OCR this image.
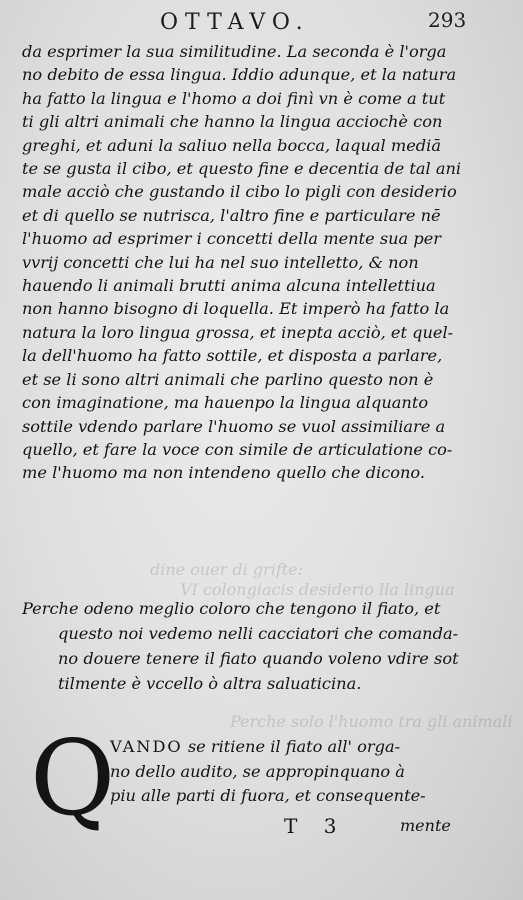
dine ouer di grifte:
VI colongiacis desiderio lla lingua
Perche solo l'huomo tra gli animali
OTTAVO.	293
da esprimer la sua similitudine. La seconda è l'orga
no debito de essa lingua. Iddio adunque, et la natura
ha fatto la lingua e l'homo a doi finì vn è come a tut
ti gli altri animali che hanno la lingua acciochè con
greghi, et aduni la saliuo nella bocca, laqual mediā
te se gusta il cibo, et questo fine e decentia de tal ani
male acciò che gustando il cibo lo pigli con desiderio
et di quello se nutrisca, l'altro fine e particulare nē
l'huomo ad esprimer i concetti della mente sua per
vvrij concetti che lui ha nel suo intelletto, & non
hauendo li animali brutti anima alcuna intellettiua
non hanno bisogno di loquella. Et imperò ha fatto la
natura la loro lingua grossa, et inepta acciò, et quel-
la dell'huomo ha fatto sottile, et disposta a parlare,
et se li sono altri animali che parlino questo non è
con imaginatione, ma hauenpo la lingua alquanto
sottile vdendo parlare l'huomo se vuol assimiliare a
quello, et fare la voce con simile de articulatione co-
me l'huomo ma non intendeno quello che dicono.
Perche odeno meglio coloro che tengono il fiato, et
questo noi vedemo nelli cacciatori che comanda-
no douere tenere il fiato quando voleno vdire sot
tilmente è vccello ò altra saluaticina.
Q
VANDO se ritiene il fiato all' orga-
no dello audito, se appropinquano à
piu alle parti di fuora, et consequente-
T 3	mente
